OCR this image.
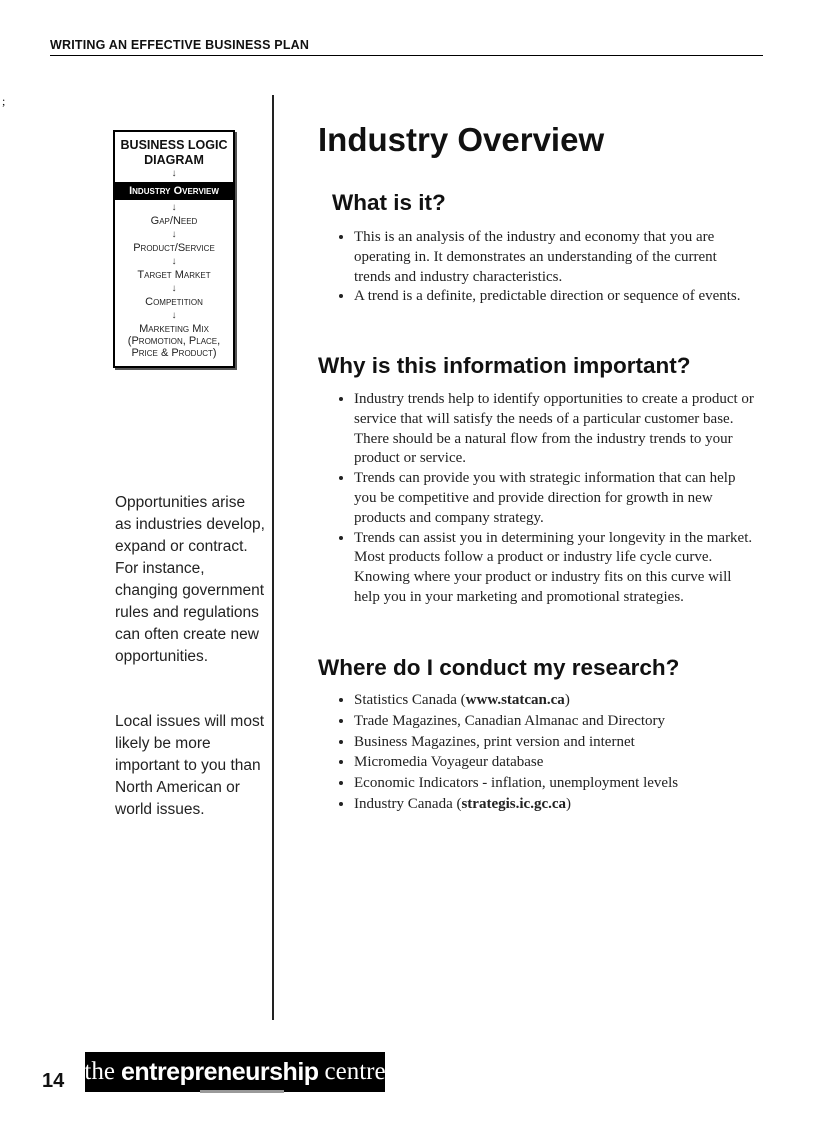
WRITING AN EFFECTIVE BUSINESS PLAN
;
BUSINESS LOGIC DIAGRAM
↓
Industry Overview
↓
Gap/Need
↓
Product/Service
↓
Target Market
↓
Competition
↓
Marketing Mix (Promotion, Place, Price & Product)
Opportunities arise as industries develop, expand or contract. For instance, changing government rules and regulations can often create new opportunities.
Local issues will most likely be more important to you than North American or world issues.
Industry Overview
What is it?
• This is an analysis of the industry and economy that you are operating in. It demonstrates an understanding of the current trends and industry characteristics.
• A trend is a definite, predictable direction or sequence of events.
Why is this information important?
• Industry trends help to identify opportunities to create a product or service that will satisfy the needs of a particular customer base. There should be a natural flow from the industry trends to your product or service.
• Trends can provide you with strategic information that can help you be competitive and provide direction for growth in new products and company strategy.
• Trends can assist you in determining your longevity in the market. Most products follow a product or industry life cycle curve. Knowing where your product or industry fits on this curve will help you in your marketing and promotional strategies.
Where do I conduct my research?
• Statistics Canada (www.statcan.ca)
• Trade Magazines, Canadian Almanac and Directory
• Business Magazines, print version and internet
• Micromedia Voyageur database
• Economic Indicators - inflation, unemployment levels
• Industry Canada (strategis.ic.gc.ca)
14 the entrepreneurship centre
